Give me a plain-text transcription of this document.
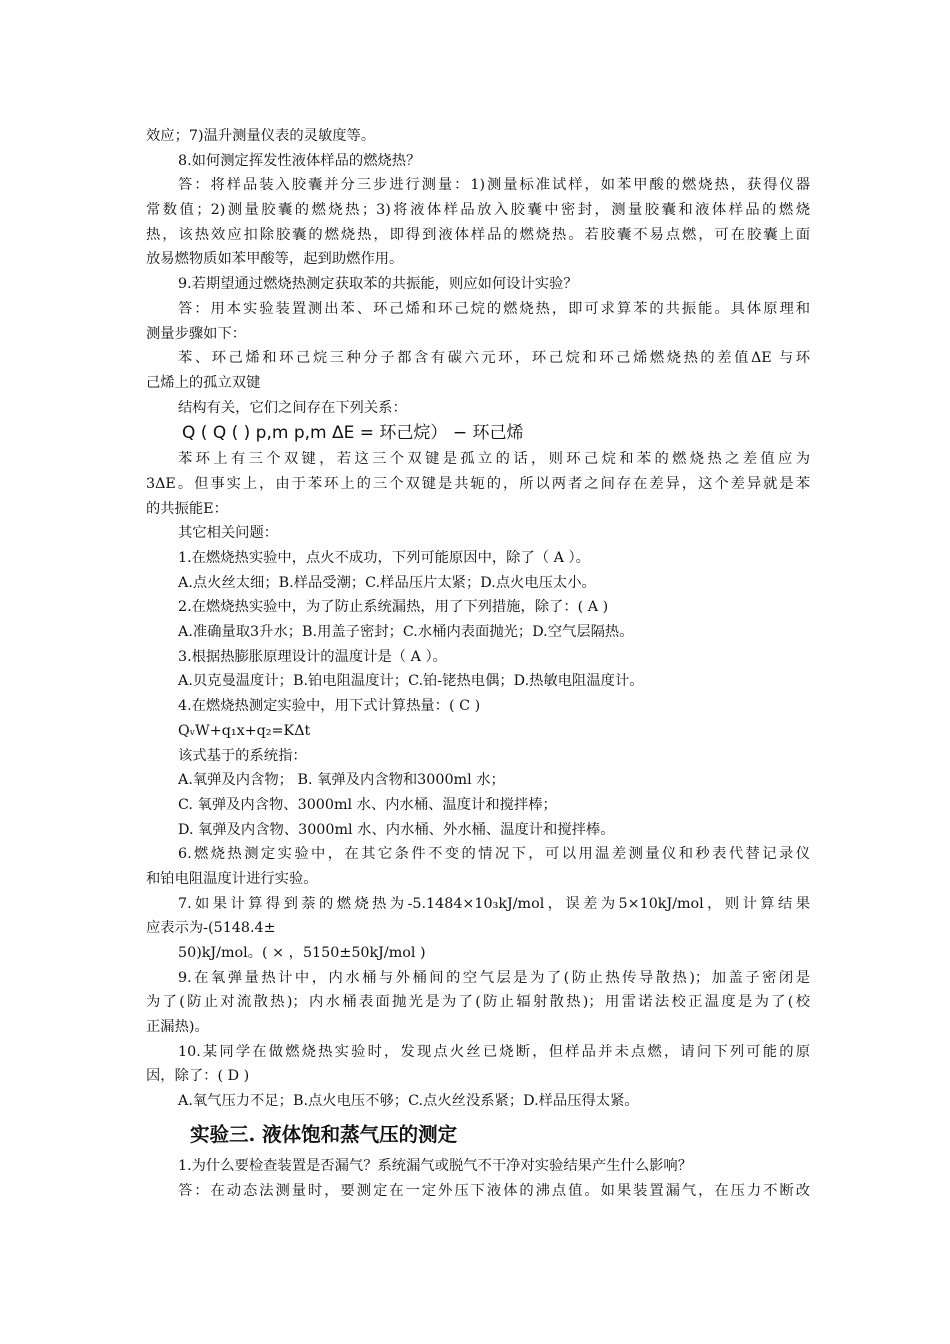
效应；7)温升测量仪表的灵敏度等。
8.如何测定挥发性液体样品的燃烧热？
答：将样品装入胶囊并分三步进行测量：1)测量标准试样，如苯甲酸的燃烧热，获得仪器
常数值；2)测量胶囊的燃烧热；3)将液体样品放入胶囊中密封，测量胶囊和液体样品的燃烧
热，该热效应扣除胶囊的燃烧热，即得到液体样品的燃烧热。若胶囊不易点燃，可在胶囊上面
放易燃物质如苯甲酸等，起到助燃作用。
9.若期望通过燃烧热测定获取苯的共振能，则应如何设计实验？
答：用本实验装置测出苯、环己烯和环己烷的燃烧热，即可求算苯的共振能。具体原理和
测量步骤如下：
苯、环己烯和环己烷三种分子都含有碳六元环，环己烷和环己烯燃烧热的差值ΔE 与环
己烯上的孤立双键
结构有关，它们之间存在下列关系：
Q ( Q ( ) p,m p,m ΔE = 环己烷） − 环己烯
苯环上有三个双键，若这三个双键是孤立的话，则环己烷和苯的燃烧热之差值应为
3ΔE。但事实上，由于苯环上的三个双键是共轭的，所以两者之间存在差异，这个差异就是苯
的共振能E：
其它相关问题：
1.在燃烧热实验中，点火不成功，下列可能原因中，除了（ A ）。
A.点火丝太细；B.样品受潮；C.样品压片太紧；D.点火电压太小。
2.在燃烧热实验中，为了防止系统漏热，用了下列措施，除了：( A )
A.准确量取3升水；B.用盖子密封；C.水桶内表面抛光；D.空气层隔热。
3.根据热膨胀原理设计的温度计是（ A ）。
A.贝克曼温度计；B.铂电阻温度计；C.铂-铑热电偶；D.热敏电阻温度计。
4.在燃烧热测定实验中，用下式计算热量：( C )
QᵥW+q₁x+q₂=KΔt
该式基于的系统指：
A.氧弹及内含物； B. 氧弹及内含物和3000ml 水；
C. 氧弹及内含物、3000ml 水、内水桶、温度计和搅拌棒；
D. 氧弹及内含物、3000ml 水、内水桶、外水桶、温度计和搅拌棒。
6.燃烧热测定实验中，在其它条件不变的情况下，可以用温差测量仪和秒表代替记录仪
和铂电阻温度计进行实验。
7.如果计算得到萘的燃烧热为-5.1484×10₃kJ/mol，误差为5×10kJ/mol，则计算结果
应表示为-(5148.4±
50)kJ/mol。( × ，5150±50kJ/mol )
9.在氧弹量热计中，内水桶与外桶间的空气层是为了(防止热传导散热)；加盖子密闭是
为了(防止对流散热)；内水桶表面抛光是为了(防止辐射散热)；用雷诺法校正温度是为了(校
正漏热)。
10.某同学在做燃烧热实验时，发现点火丝已烧断，但样品并未点燃，请问下列可能的原
因，除了：( D )
A.氧气压力不足；B.点火电压不够；C.点火丝没系紧；D.样品压得太紧。
实验三. 液体饱和蒸气压的测定
1.为什么要检查装置是否漏气？系统漏气或脱气不干净对实验结果产生什么影响？
答：在动态法测量时，要测定在一定外压下液体的沸点值。如果装置漏气，在压力不断改
